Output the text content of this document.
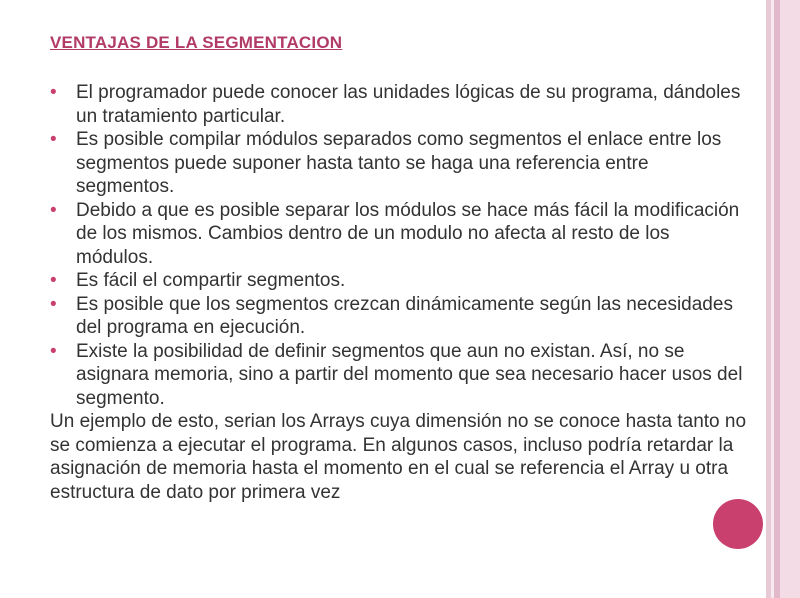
VENTAJAS DE LA SEGMENTACION
• El programador puede conocer las unidades lógicas de su programa, dándoles un tratamiento particular.
• Es posible compilar módulos separados como segmentos el enlace entre los segmentos puede suponer hasta tanto se haga una referencia entre segmentos.
• Debido a que es posible separar los módulos se hace más fácil la modificación de los mismos. Cambios dentro de un modulo no afecta al resto de los módulos.
• Es fácil el compartir segmentos.
• Es posible que los segmentos crezcan dinámicamente según las necesidades del programa en ejecución.
• Existe la posibilidad de definir segmentos que aun no existan. Así, no se asignara memoria, sino a partir del momento que sea necesario hacer usos del segmento.

Un ejemplo de esto, serian los Arrays cuya dimensión no se conoce hasta tanto no se comienza a ejecutar el programa. En algunos casos, incluso podría retardar la asignación de memoria hasta el momento en el cual se referencia el Array u otra estructura de dato por primera vez
